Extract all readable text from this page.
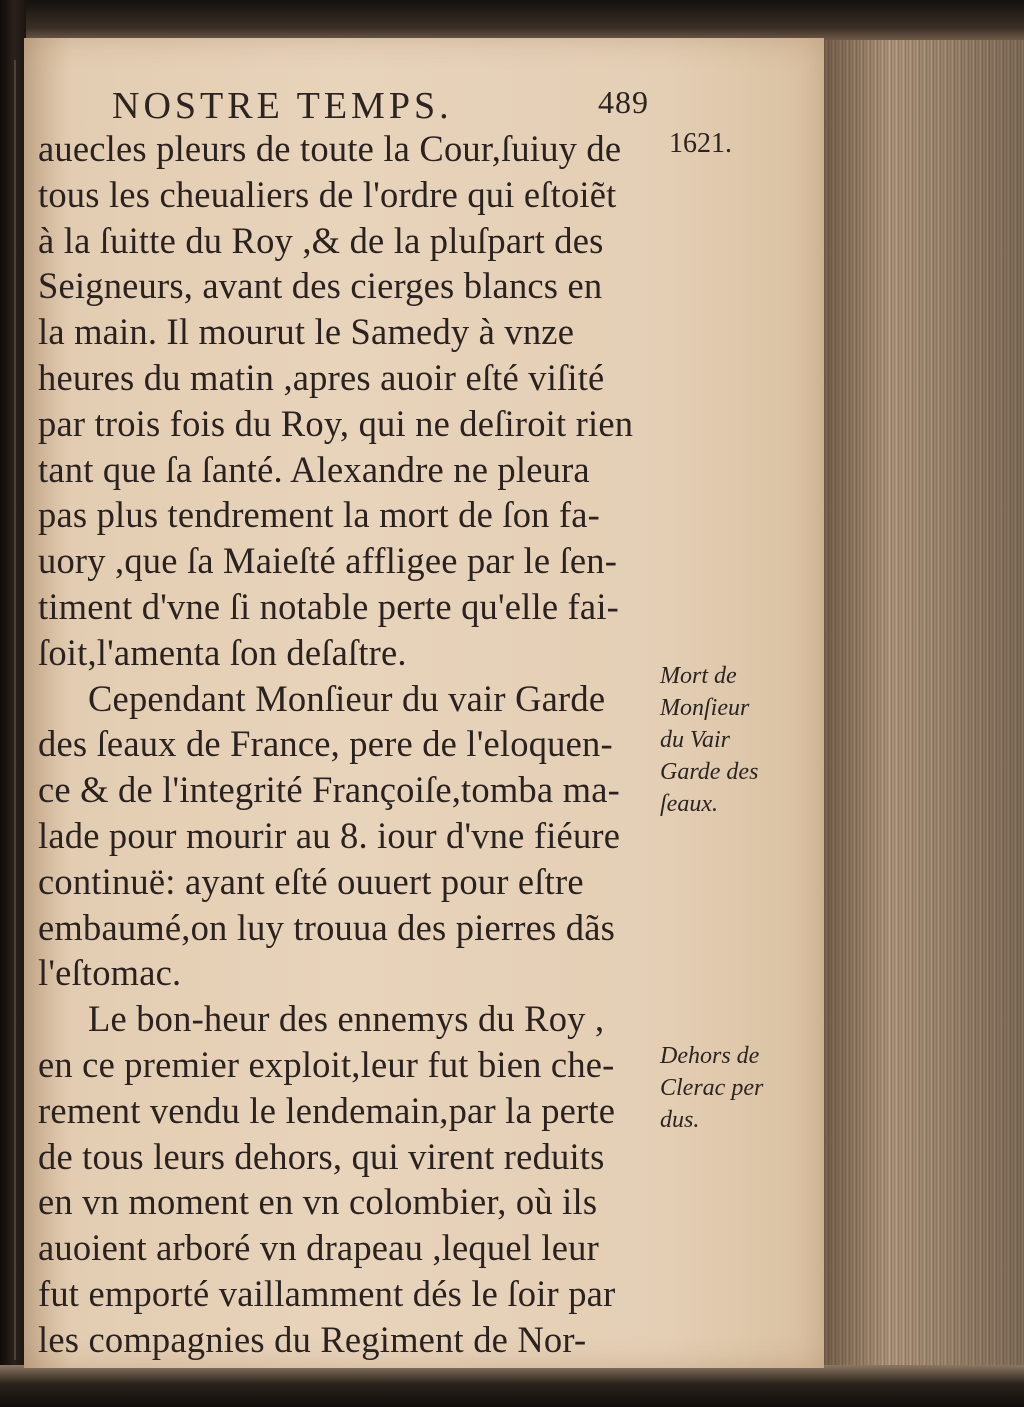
NOSTRE TEMPS.	489
1621.
auecles pleurs de toute la Cour,ſuiuy de
tous les cheualiers de l'ordre qui eſtoiẽt
à la ſuitte du Roy ,& de la pluſpart des
Seigneurs, avant des cierges blancs en
la main. Il mourut le Samedy à vnze
heures du matin ,apres auoir eſté viſité
par trois fois du Roy, qui ne deſiroit rien
tant que ſa ſanté. Alexandre ne pleura
pas plus tendrement la mort de ſon fa-
uory ,que ſa Maieſté affligee par le ſen-
timent d'vne ſi notable perte qu'elle fai-
ſoit,l'amenta ſon deſaſtre.
Cependant Monſieur du vair Garde
des ſeaux de France, pere de l'eloquen-
ce & de l'integrité Françoiſe,tomba ma-
lade pour mourir au 8. iour d'vne fiéure
continuë: ayant eſté ouuert pour eſtre
embaumé,on luy trouua des pierres dãs
l'eſtomac.
Le bon-heur des ennemys du Roy ,
en ce premier exploit,leur fut bien che-
rement vendu le lendemain,par la perte
de tous leurs dehors, qui virent reduits
en vn moment en vn colombier, où ils
auoient arboré vn drapeau ,lequel leur
fut emporté vaillamment dés le ſoir par
les compagnies du Regiment de Nor-
Mort de
Monſieur
du Vair
Garde des
ſeaux.
Dehors de
Clerac per
dus.
